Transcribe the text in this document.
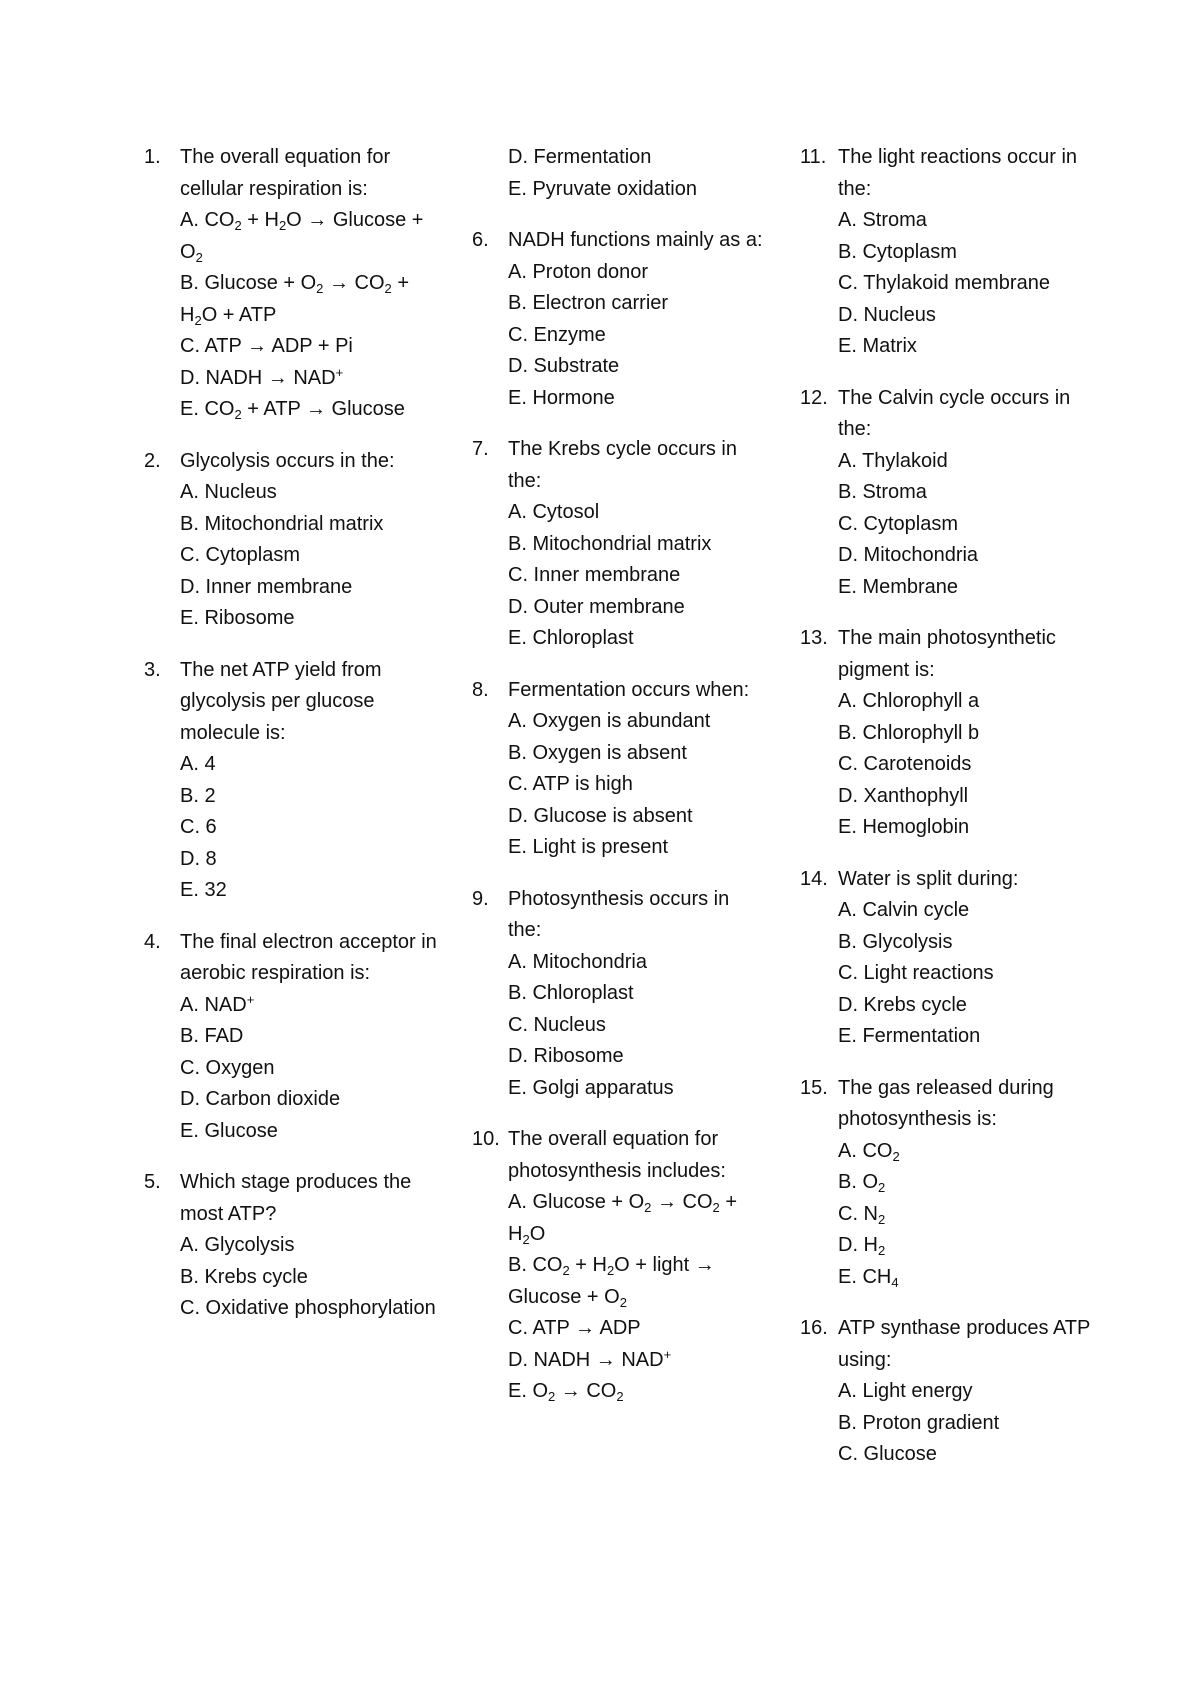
1. The overall equation for cellular respiration is:
A. $CO_2 + H_2O \to Glucose + O_2$
B. $Glucose + O_2 \to CO_2 + H_2O$ + ATP
C. ATP → ADP + Pi
D. NADH → NAD+
E. $CO_2$ + ATP → Glucose
2. Glycolysis occurs in the:
A. Nucleus
B. Mitochondrial matrix
C. Cytoplasm
D. Inner membrane
E. Ribosome
3. The net ATP yield from glycolysis per glucose molecule is:
A. 4
B. 2
C. 6
D. 8
E. 32
4. The final electron acceptor in aerobic respiration is:
A. NAD+
B. FAD
C. Oxygen
D. Carbon dioxide
E. Glucose
5. Which stage produces the most ATP?
A. Glycolysis
B. Krebs cycle
C. Oxidative phosphorylation
D. Fermentation
E. Pyruvate oxidation
6. NADH functions mainly as a:
A. Proton donor
B. Electron carrier
C. Enzyme
D. Substrate
E. Hormone
7. The Krebs cycle occurs in the:
A. Cytosol
B. Mitochondrial matrix
C. Inner membrane
D. Outer membrane
E. Chloroplast
8. Fermentation occurs when:
A. Oxygen is abundant
B. Oxygen is absent
C. ATP is high
D. Glucose is absent
E. Light is present
9. Photosynthesis occurs in the:
A. Mitochondria
B. Chloroplast
C. Nucleus
D. Ribosome
E. Golgi apparatus
10. The overall equation for photosynthesis includes:
A. $Glucose + O_2 \to CO_2 + H_2O$
B. $CO_2 + H_2O$ + light → $Glucose + O_2$
C. ATP → ADP
D. NADH → NAD+
E. $O_2 \to CO_2$
11. The light reactions occur in the:
A. Stroma
B. Cytoplasm
C. Thylakoid membrane
D. Nucleus
E. Matrix
12. The Calvin cycle occurs in the:
A. Thylakoid
B. Stroma
C. Cytoplasm
D. Mitochondria
E. Membrane
13. The main photosynthetic pigment is:
A. Chlorophyll a
B. Chlorophyll b
C. Carotenoids
D. Xanthophyll
E. Hemoglobin
14. Water is split during:
A. Calvin cycle
B. Glycolysis
C. Light reactions
D. Krebs cycle
E. Fermentation
15. The gas released during photosynthesis is:
A. $CO_2$
B. $O_2$
C. $N_2$
D. $H_2$
E. $CH_4$
16. ATP synthase produces ATP using:
A. Light energy
B. Proton gradient
C. Glucose
